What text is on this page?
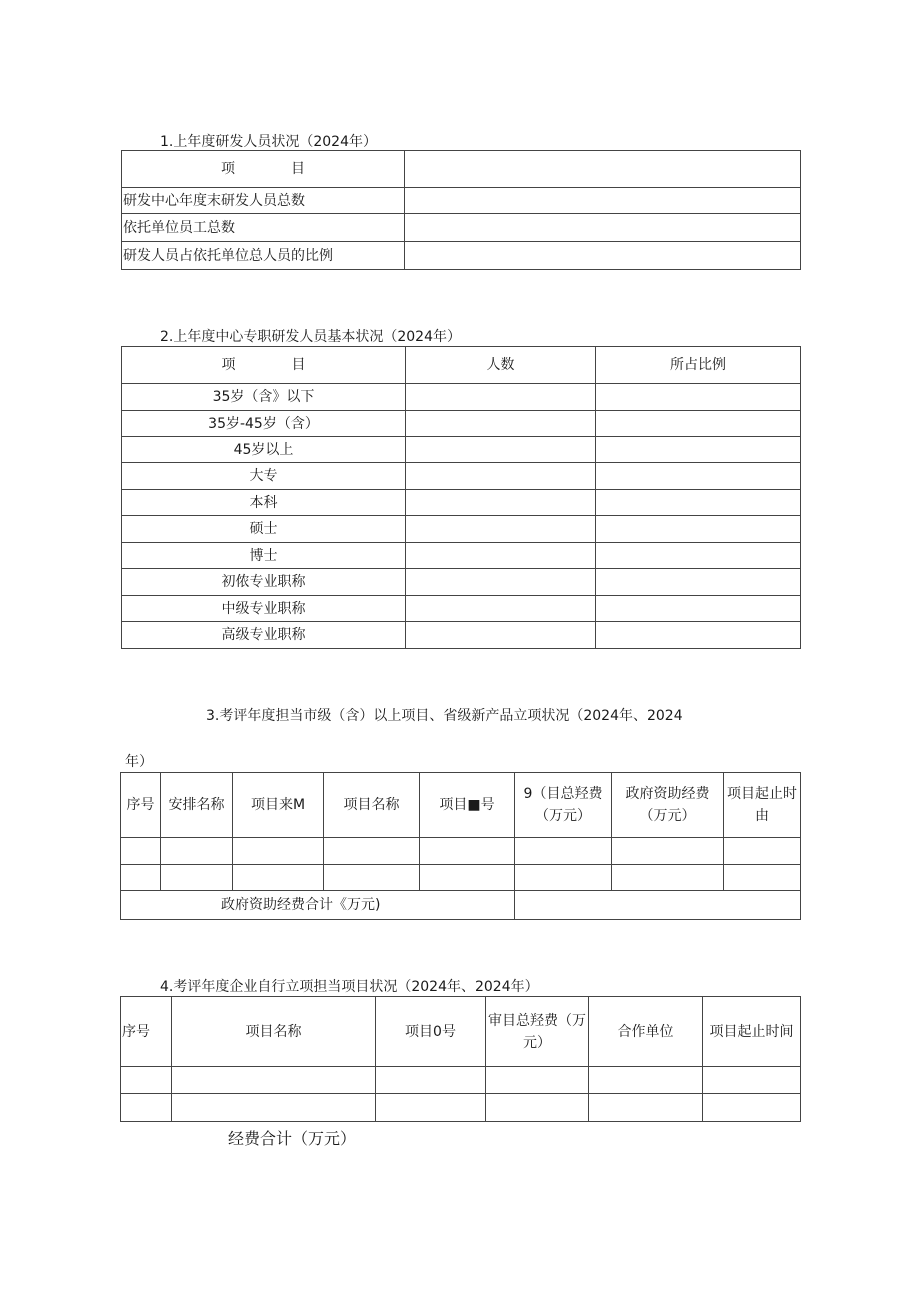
1.上年度研发人员状况（2024年）
项　　　　目	
研发中心年度末研发人员总数	
依托单位员工总数	
研发人员占依托单位总人员的比例	
2.上年度中心专职研发人员基本状况（2024年）
项　　　　目	人数	所占比例
35岁（含》以下		
35岁-45岁（含）		
45岁以上		
大专		
本科		
硕士		
博士		
初侬专业职称		
中级专业职称		
高级专业职称		
3.考评年度担当市级（含）以上项目、省级新产品立项状况（2024年、2024
年）
序号	安排名称	项目来M	项目名称	项目■号	9（目总羟费（万元）	政府资助经费（万元）	项目起止时由

政府资助经费合计《万元)							
4.考评年度企业自行立项担当项目状况（2024年、2024年）
序号	项目名称	项目0号	审目总羟费（万元）	合作单位	项目起止时间

经费合计（万元）
